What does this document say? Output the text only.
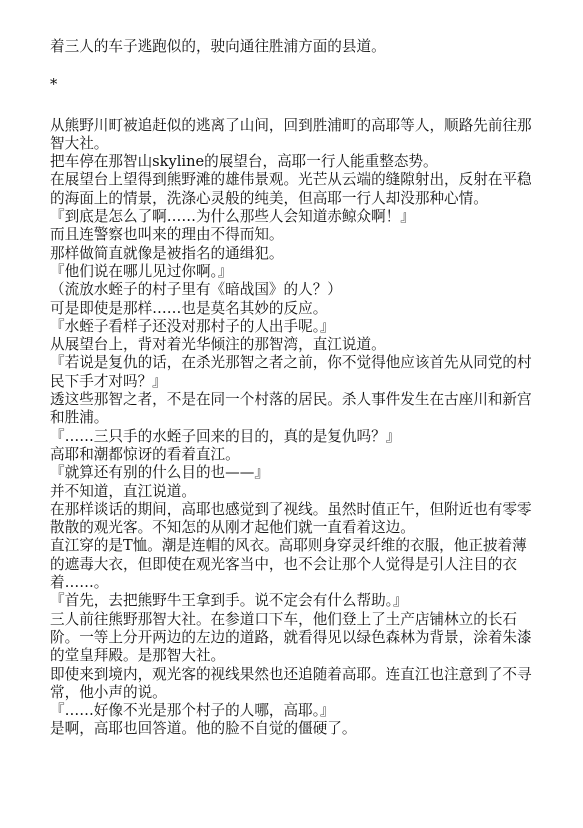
着三人的车子逃跑似的，驶向通往胜浦方面的县道。

*

从熊野川町被追赶似的逃离了山间，回到胜浦町的高耶等人，顺路先前往那智大社。

把车停在那智山skyline的展望台，高耶一行人能重整态势。

在展望台上望得到熊野滩的雄伟景观。光芒从云端的缝隙射出，反射在平稳的海面上的情景，洗涤心灵般的纯美，但高耶一行人却没那种心情。

『到底是怎么了啊……为什么那些人会知道赤鲸众啊！』

而且连警察也叫来的理由不得而知。

那样做简直就像是被指名的通缉犯。

『他们说在哪儿见过你啊。』

（流放水蛭子的村子里有《暗战国》的人？）

可是即使是那样……也是莫名其妙的反应。

『水蛭子看样子还没对那村子的人出手呢。』

从展望台上，背对着光华倾注的那智湾，直江说道。

『若说是复仇的话，在杀光那智之者之前，你不觉得他应该首先从同党的村民下手才对吗？』

透这些那智之者，不是在同一个村落的居民。杀人事件发生在古座川和新宫和胜浦。

『……三只手的水蛭子回来的目的，真的是复仇吗？』

高耶和潮都惊讶的看着直江。

『就算还有别的什么目的也——』

并不知道，直江说道。

在那样谈话的期间，高耶也感觉到了视线。虽然时值正午，但附近也有零零散散的观光客。不知怎的从刚才起他们就一直看着这边。

直江穿的是T恤。潮是连帽的风衣。高耶则身穿灵纤维的衣服，他正披着薄的遮毒大衣，但即使在观光客当中，也不会让那个人觉得是引人注目的衣着……。

『首先，去把熊野牛王拿到手。说不定会有什么帮助。』

三人前往熊野那智大社。在参道口下车，他们登上了土产店铺林立的长石阶。一等上分开两边的左边的道路，就看得见以绿色森林为背景，涂着朱漆的堂皇拜殿。是那智大社。

即使来到境内，观光客的视线果然也还追随着高耶。连直江也注意到了不寻常，他小声的说。

『……好像不光是那个村子的人哪，高耶。』

是啊，高耶也回答道。他的脸不自觉的僵硬了。
